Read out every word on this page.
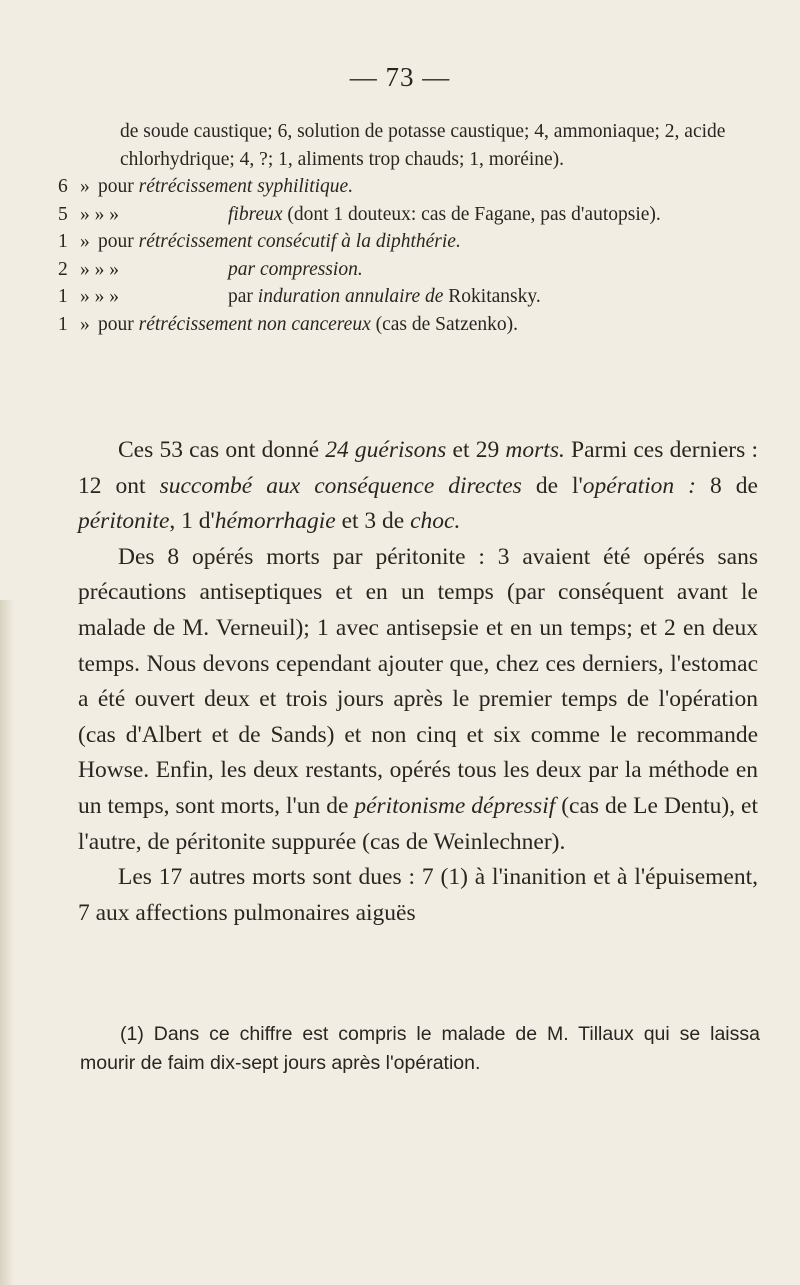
— 73 —

de soude caustique; 6, solution de potasse caustique; 4, ammoniaque; 2, acide chlorhydrique; 4, ?; 1, aliments trop chauds; 1, moréine).

6 » pour rétrécissement syphilitique.

5 » » »	fibreux (dont 1 douteux: cas de Fagane, pas d'autopsie).

1 » pour rétrécissement consécutif à la diphthérie.

2 » » »	par compression.

1 » » »	par induration annulaire de Rokitansky.

1 » pour rétrécissement non cancereux (cas de Satzenko).

Ces 53 cas ont donné 24 guérisons et 29 morts. Parmi ces derniers : 12 ont succombé aux conséquence directes de l'opération : 8 de péritonite, 1 d'hémorrhagie et 3 de choc.

Des 8 opérés morts par péritonite : 3 avaient été opérés sans précautions antiseptiques et en un temps (par conséquent avant le malade de M. Verneuil); 1 avec antisepsie et en un temps; et 2 en deux temps. Nous devons cependant ajouter que, chez ces derniers, l'estomac a été ouvert deux et trois jours après le premier temps de l'opération (cas d'Albert et de Sands) et non cinq et six comme le recommande Howse. Enfin, les deux restants, opérés tous les deux par la méthode en un temps, sont morts, l'un de péritonisme dépressif (cas de Le Dentu), et l'autre, de péritonite suppurée (cas de Weinlechner).

Les 17 autres morts sont dues : 7 (1) à l'inanition et à l'épuisement, 7 aux affections pulmonaires aiguës

(1) Dans ce chiffre est compris le malade de M. Tillaux qui se laissa mourir de faim dix-sept jours après l'opération.
